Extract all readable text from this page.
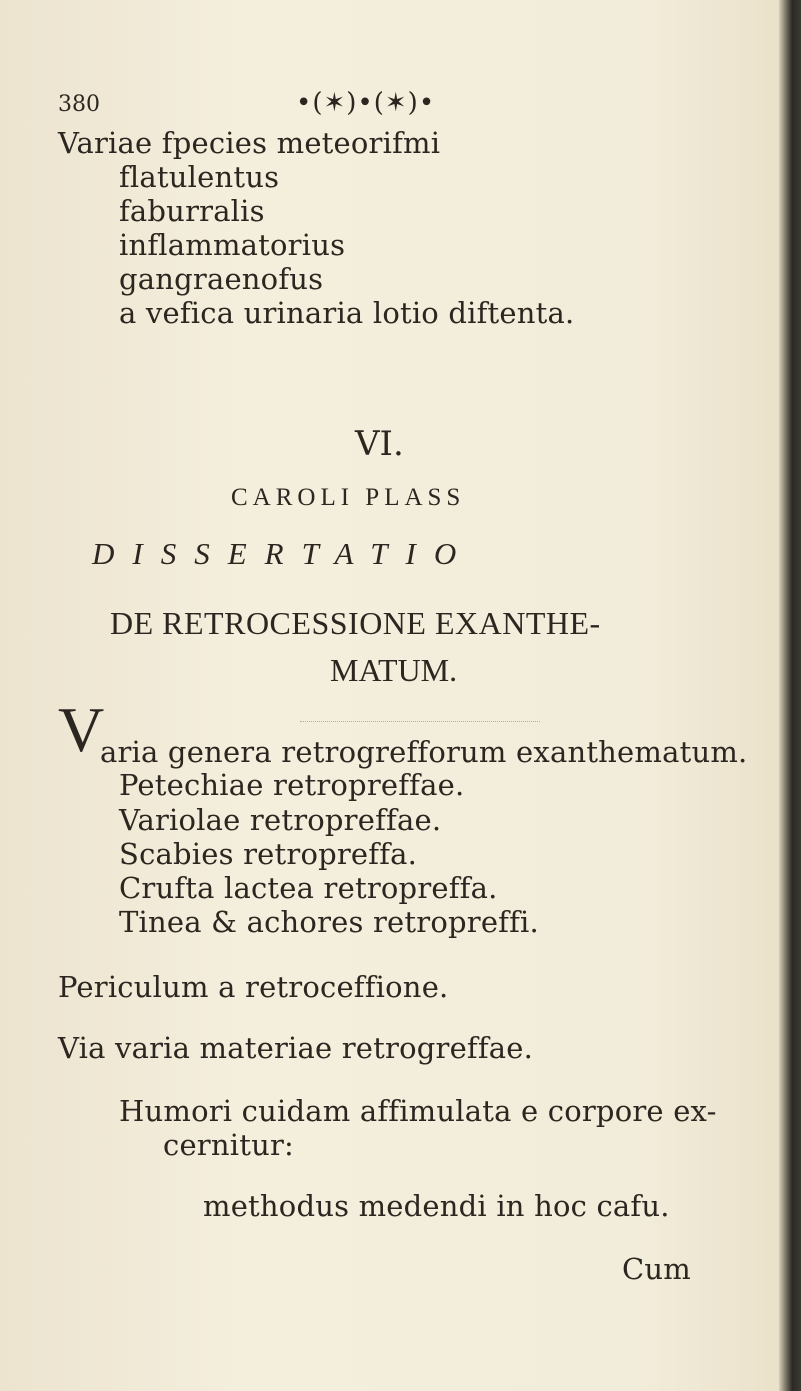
380	•(✶)•(✶)•
Variae fpecies meteorifmi
flatulentus
faburralis
inflammatorius
gangraenofus
a vefica urinaria lotio diftenta.
VI.
CAROLI PLASS
DISSERTATIO
DE RETROCESSIONE EXANTHE-
MATUM.
V
aria genera retrogrefforum exanthematum.
Petechiae retropreffae.
Variolae retropreffae.
Scabies retropreffa.
Crufta lactea retropreffa.
Tinea & achores retropreffi.
Periculum a retroceffione.
Via varia materiae retrogreffae.
Humori cuidam affimulata e corpore ex-
cernitur:
methodus medendi in hoc cafu.
Cum
